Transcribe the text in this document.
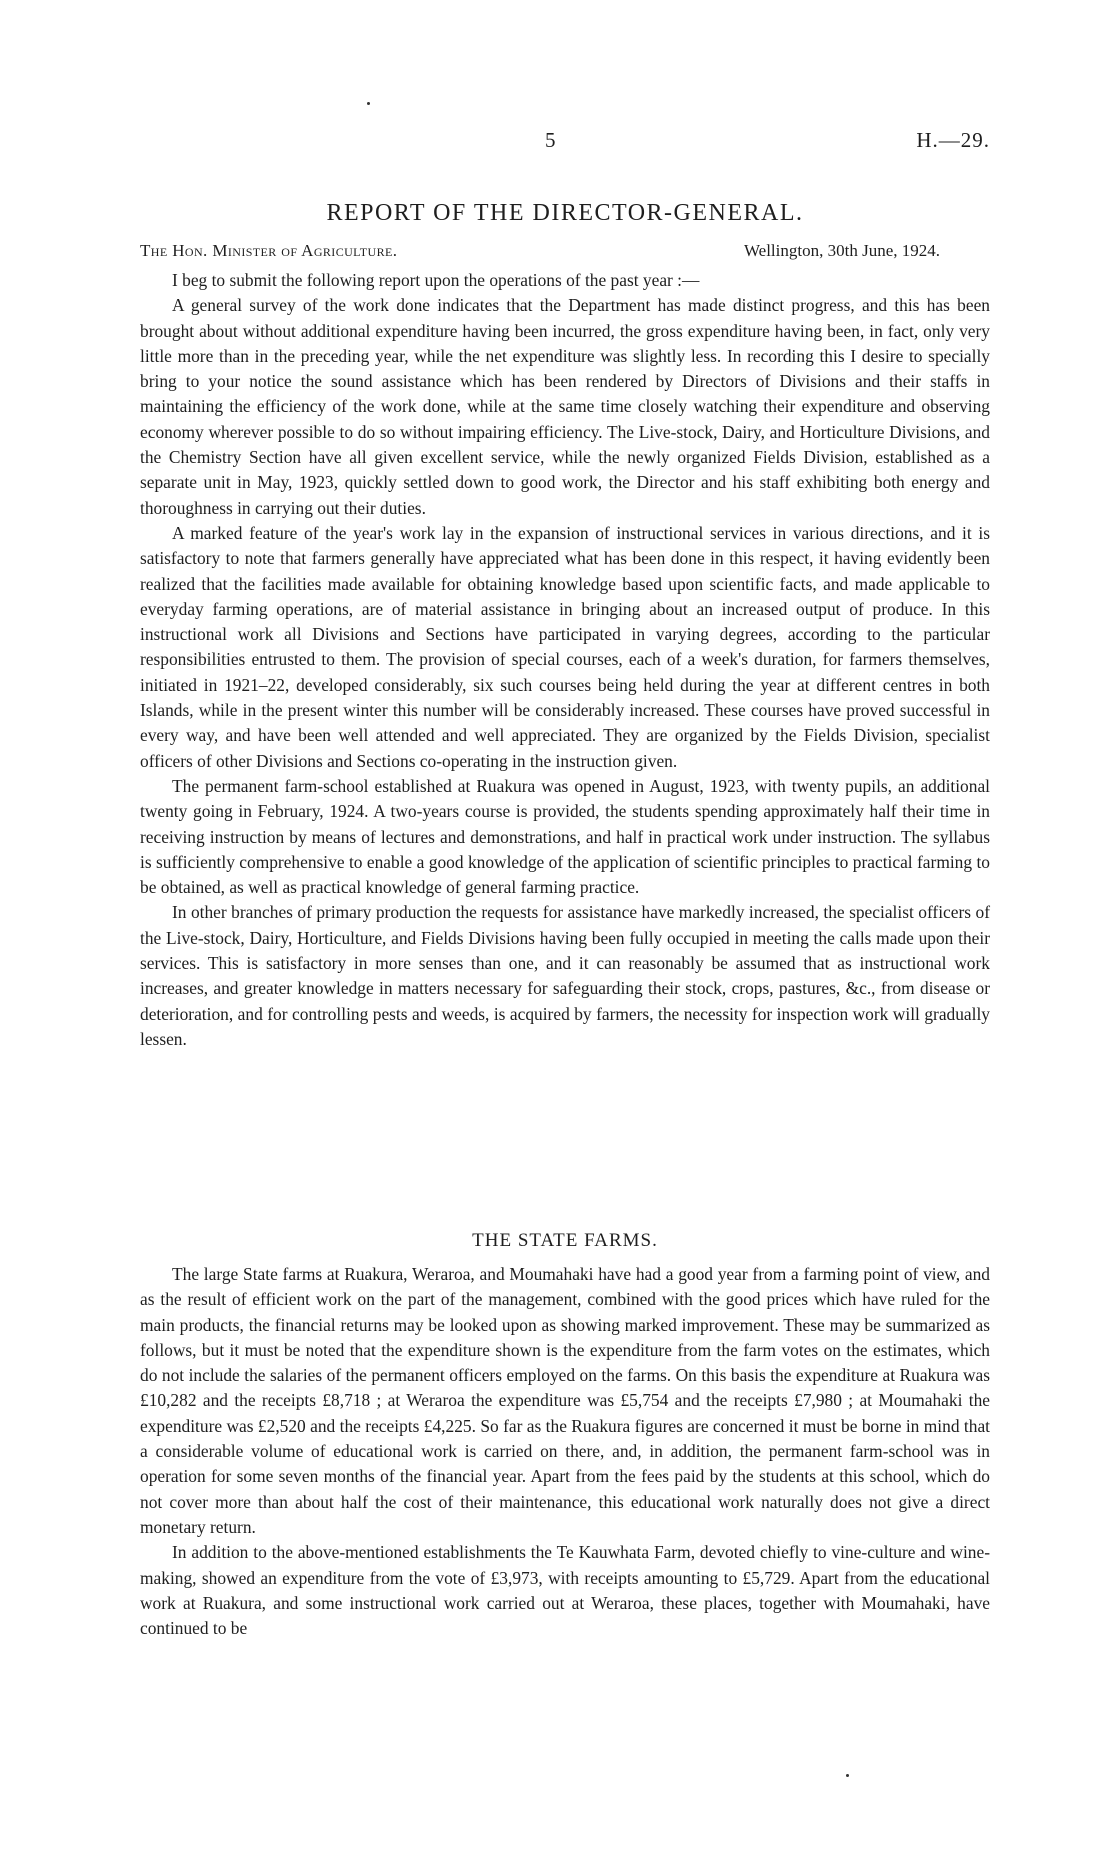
5	H.—29.
REPORT OF THE DIRECTOR-GENERAL.
The Hon. Minister of Agriculture.	Wellington, 30th June, 1924.

I beg to submit the following report upon the operations of the past year :—

A general survey of the work done indicates that the Department has made distinct progress, and this has been brought about without additional expenditure having been incurred, the gross expenditure having been, in fact, only very little more than in the preceding year, while the net expenditure was slightly less. In recording this I desire to specially bring to your notice the sound assistance which has been rendered by Directors of Divisions and their staffs in maintaining the efficiency of the work done, while at the same time closely watching their expenditure and observing economy wherever possible to do so without impairing efficiency. The Live-stock, Dairy, and Horticulture Divisions, and the Chemistry Section have all given excellent service, while the newly organized Fields Division, established as a separate unit in May, 1923, quickly settled down to good work, the Director and his staff exhibiting both energy and thoroughness in carrying out their duties.

A marked feature of the year's work lay in the expansion of instructional services in various directions, and it is satisfactory to note that farmers generally have appreciated what has been done in this respect, it having evidently been realized that the facilities made available for obtaining knowledge based upon scientific facts, and made applicable to everyday farming operations, are of material assistance in bringing about an increased output of produce. In this instructional work all Divisions and Sections have participated in varying degrees, according to the particular responsibilities entrusted to them. The provision of special courses, each of a week's duration, for farmers themselves, initiated in 1921–22, developed considerably, six such courses being held during the year at different centres in both Islands, while in the present winter this number will be considerably increased. These courses have proved successful in every way, and have been well attended and well appreciated. They are organized by the Fields Division, specialist officers of other Divisions and Sections co-operating in the instruction given.

The permanent farm-school established at Ruakura was opened in August, 1923, with twenty pupils, an additional twenty going in February, 1924. A two-years course is provided, the students spending approximately half their time in receiving instruction by means of lectures and demonstrations, and half in practical work under instruction. The syllabus is sufficiently comprehensive to enable a good knowledge of the application of scientific principles to practical farming to be obtained, as well as practical knowledge of general farming practice.

In other branches of primary production the requests for assistance have markedly increased, the specialist officers of the Live-stock, Dairy, Horticulture, and Fields Divisions having been fully occupied in meeting the calls made upon their services. This is satisfactory in more senses than one, and it can reasonably be assumed that as instructional work increases, and greater knowledge in matters necessary for safeguarding their stock, crops, pastures, &c., from disease or deterioration, and for controlling pests and weeds, is acquired by farmers, the necessity for inspection work will gradually lessen.

THE STATE FARMS.

The large State farms at Ruakura, Weraroa, and Moumahaki have had a good year from a farming point of view, and as the result of efficient work on the part of the management, combined with the good prices which have ruled for the main products, the financial returns may be looked upon as showing marked improvement. These may be summarized as follows, but it must be noted that the expenditure shown is the expenditure from the farm votes on the estimates, which do not include the salaries of the permanent officers employed on the farms. On this basis the expenditure at Ruakura was £10,282 and the receipts £8,718 ; at Weraroa the expenditure was £5,754 and the receipts £7,980 ; at Moumahaki the expenditure was £2,520 and the receipts £4,225. So far as the Ruakura figures are concerned it must be borne in mind that a considerable volume of educational work is carried on there, and, in addition, the permanent farm-school was in operation for some seven months of the financial year. Apart from the fees paid by the students at this school, which do not cover more than about half the cost of their maintenance, this educational work naturally does not give a direct monetary return.

In addition to the above-mentioned establishments the Te Kauwhata Farm, devoted chiefly to vine-culture and wine-making, showed an expenditure from the vote of £3,973, with receipts amounting to £5,729. Apart from the educational work at Ruakura, and some instructional work carried out at Weraroa, these places, together with Moumahaki, have continued to be
